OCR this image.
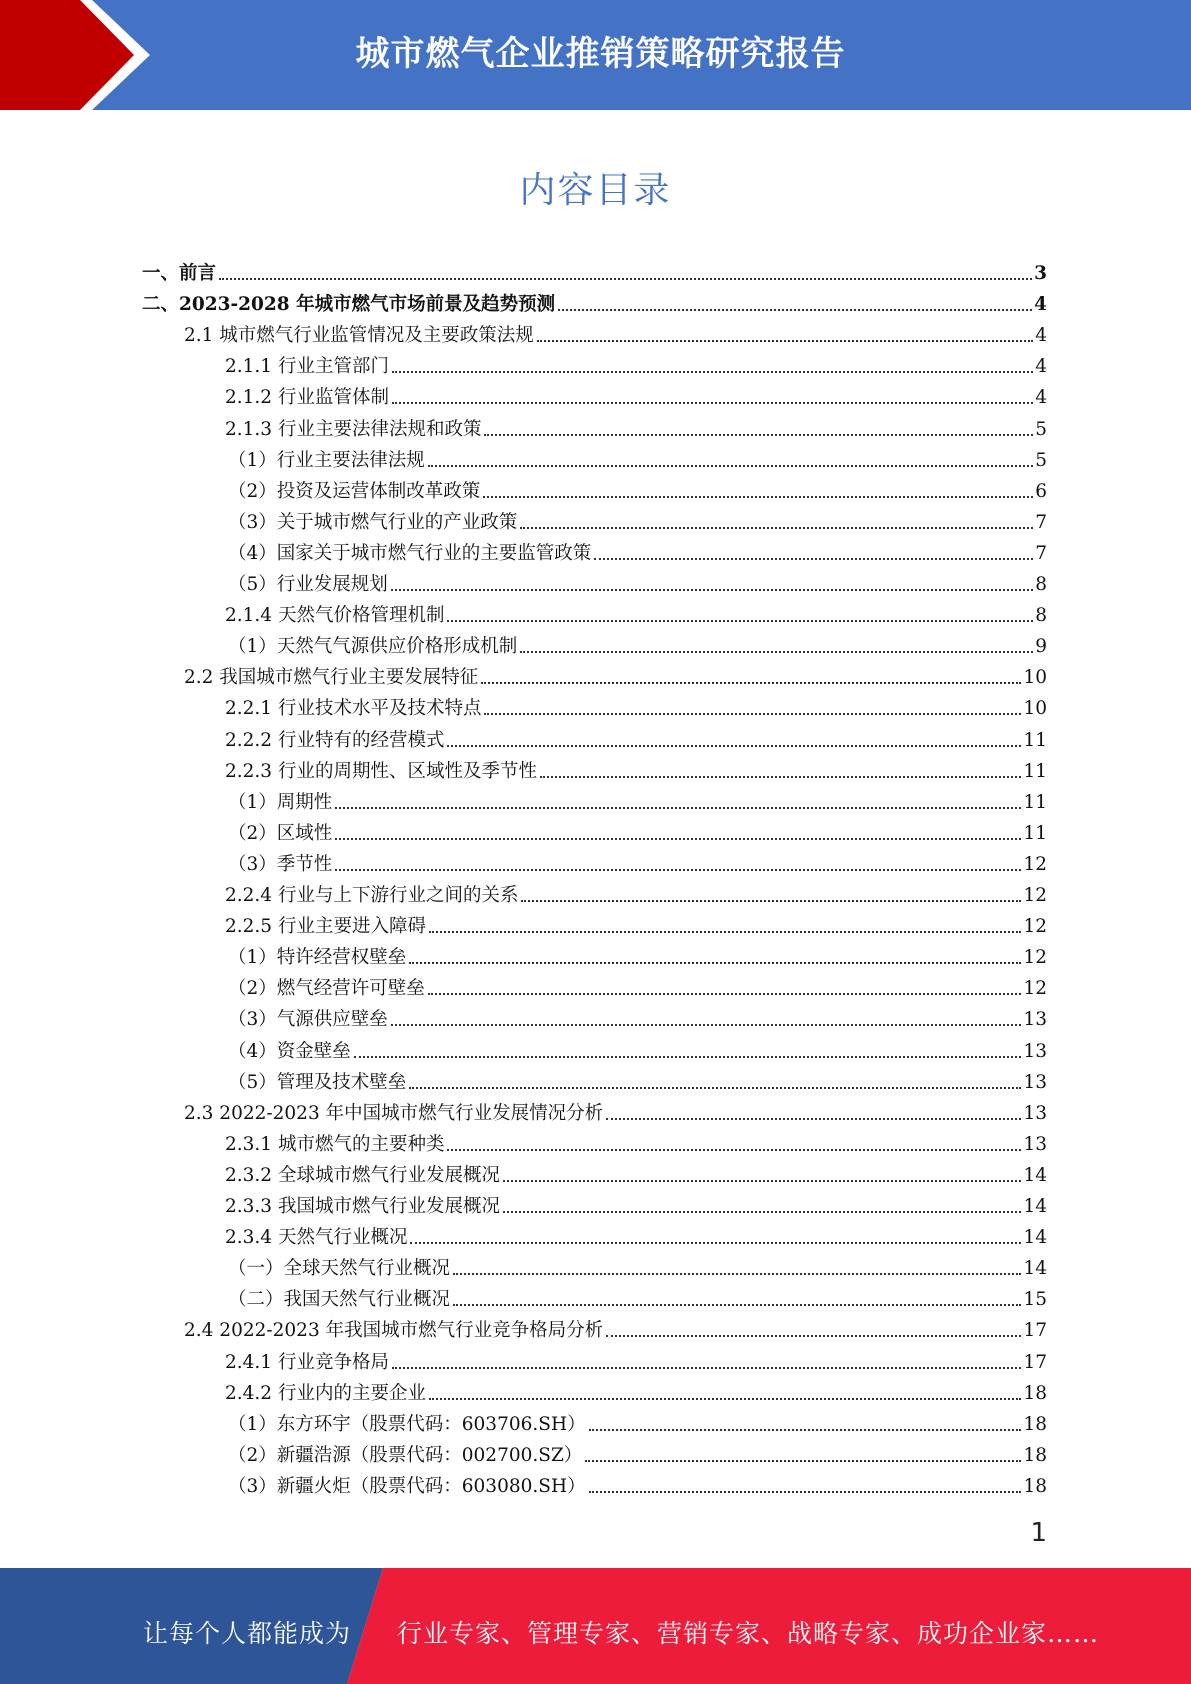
城市燃气企业推销策略研究报告
内容目录
一、前言	3
二、2023-2028 年城市燃气市场前景及趋势预测	4
2.1 城市燃气行业监管情况及主要政策法规	4
2.1.1 行业主管部门	4
2.1.2 行业监管体制	4
2.1.3 行业主要法律法规和政策	5
（1）行业主要法律法规	5
（2）投资及运营体制改革政策	6
（3）关于城市燃气行业的产业政策	7
（4）国家关于城市燃气行业的主要监管政策	7
（5）行业发展规划	8
2.1.4 天然气价格管理机制	8
（1）天然气气源供应价格形成机制	9
2.2 我国城市燃气行业主要发展特征	10
2.2.1 行业技术水平及技术特点	10
2.2.2 行业特有的经营模式	11
2.2.3 行业的周期性、区域性及季节性	11
（1）周期性	11
（2）区域性	11
（3）季节性	12
2.2.4 行业与上下游行业之间的关系	12
2.2.5 行业主要进入障碍	12
（1）特许经营权壁垒	12
（2）燃气经营许可壁垒	12
（3）气源供应壁垒	13
（4）资金壁垒	13
（5）管理及技术壁垒	13
2.3 2022-2023 年中国城市燃气行业发展情况分析	13
2.3.1 城市燃气的主要种类	13
2.3.2 全球城市燃气行业发展概况	14
2.3.3 我国城市燃气行业发展概况	14
2.3.4 天然气行业概况	14
（一）全球天然气行业概况	14
（二）我国天然气行业概况	15
2.4 2022-2023 年我国城市燃气行业竞争格局分析	17
2.4.1 行业竞争格局	17
2.4.2 行业内的主要企业	18
（1）东方环宇（股票代码：603706.SH）	18
（2）新疆浩源（股票代码：002700.SZ）	18
（3）新疆火炬（股票代码：603080.SH）	18
1
让每个人都能成为 行业专家、管理专家、营销专家、战略专家、成功企业家……
